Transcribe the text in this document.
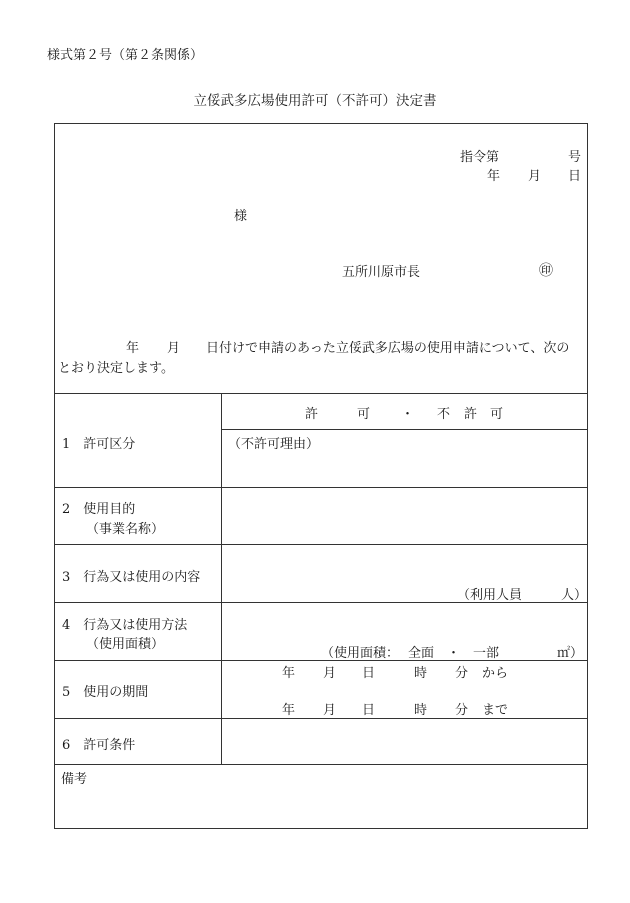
様式第２号（第２条関係）
立俀武多広場使用許可（不許可）決定書
指令第	号
年 月 日
様
五所川原市長	㊞
年 月 日付けで申請のあった立俀武多広場の使用申請について、次の
とおり決定します。
1　許可区分
許	可 ・ 不 許 可
（不許可理由）
2　使用目的
（事業名称）
3　行為又は使用の内容
（利用人員　　　人）
4　行為又は使用方法
（使用面積）
（使用面積： 全面 ・ 一部	㎡）
5　使用の期間
年 月 日	時 分 から
年 月 日	時 分 まで
6　許可条件
備考
